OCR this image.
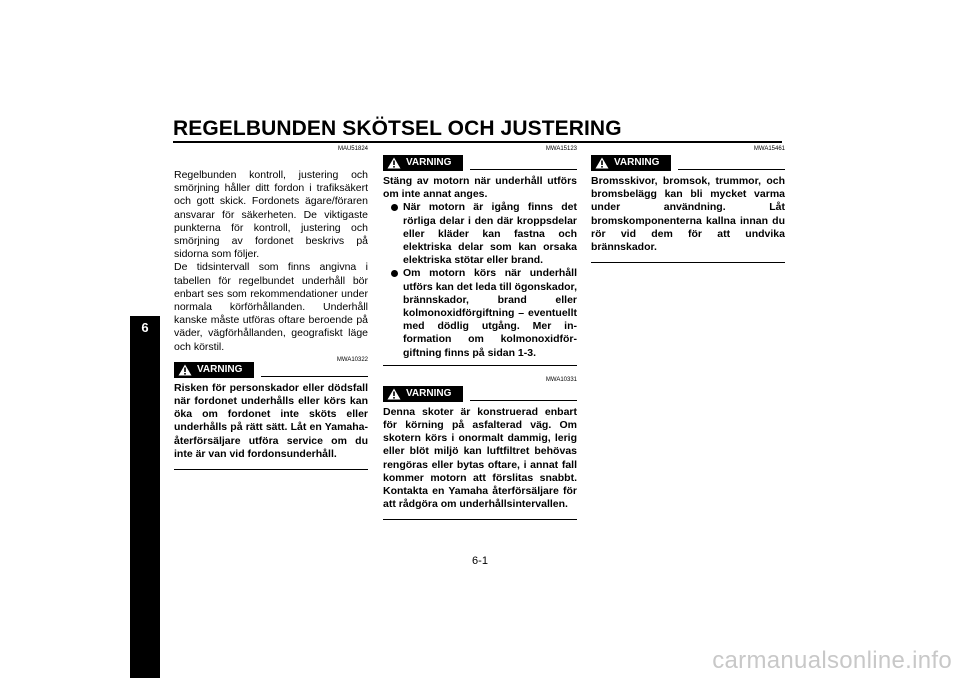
REGELBUNDEN SKÖTSEL OCH JUSTERING
6
MAU51824

Regelbunden kontroll, justering och smörjning håller ditt fordon i trafiksäkert och gott skick. Fordonets ägare/föraren ansvarar för säkerheten. De viktigaste punkterna för kontroll, justering och smörjning av fordonet beskrivs på sidorna som följer.

De tidsintervall som finns angivna i tabellen för regelbundet underhåll bör enbart ses som rekommendationer under normala körförhållanden. Underhåll kanske måste utföras oftare beroende på väder, vägförhållanden, geografiskt läge och körstil.

MWA10322
VARNING

Risken för personskador eller dödsfall när fordonet underhålls eller körs kan öka om fordonet inte sköts eller underhålls på rätt sätt. Låt en Yamaha-återförsäljare utföra service om du inte är van vid fordonsunderhåll.

MWA15123
VARNING

Stäng av motorn när underhåll utförs om inte annat anges.

När motorn är igång finns det rörliga delar i den där kroppsdelar eller kläder kan fastna och elektriska delar som kan orsaka elektriska stötar eller brand.
Om motorn körs när underhåll utförs kan det leda till ögonskador, brännskador, brand eller kolmonoxidförgiftning – eventuellt med dödlig utgång. Mer information om kolmonoxidförgiftning finns på sidan 1-3.
MWA10331
VARNING

Denna skoter är konstruerad enbart för körning på asfalterad väg. Om skotern körs i onormalt dammig, lerig eller blöt miljö kan luftfiltret behövas rengöras eller bytas oftare, i annat fall kommer motorn att förslitas snabbt. Kontakta en Yamaha återförsäljare för att rådgöra om underhållsintervallen.

MWA15461
VARNING

Bromsskivor, bromsok, trummor, och bromsbelägg kan bli mycket varma under användning. Låt bromskomponenterna kallna innan du rör vid dem för att undvika brännskador.

6-1
carmanualsonline.info
